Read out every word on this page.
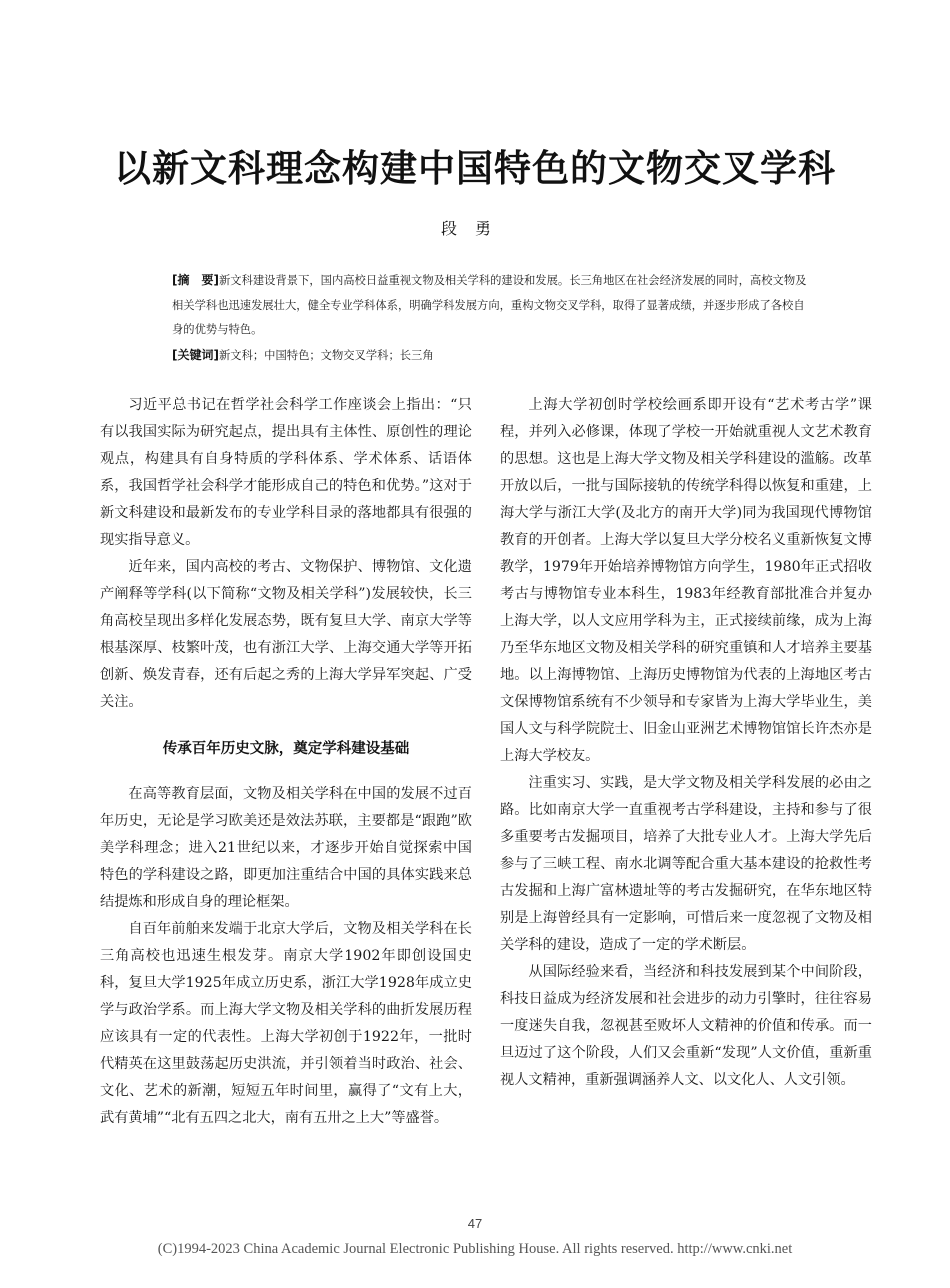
以新文科理念构建中国特色的文物交叉学科
段勇

[摘　要]新文科建设背景下，国内高校日益重视文物及相关学科的建设和发展。长三角地区在社会经济发展的同时，高校文物及相关学科也迅速发展壮大，健全专业学科体系，明确学科发展方向，重构文物交叉学科，取得了显著成绩，并逐步形成了各校自身的优势与特色。

[关键词]新文科；中国特色；文物交叉学科；长三角

习近平总书记在哲学社会科学工作座谈会上指出：“只有以我国实际为研究起点，提出具有主体性、原创性的理论观点，构建具有自身特质的学科体系、学术体系、话语体系，我国哲学社会科学才能形成自己的特色和优势。”这对于新文科建设和最新发布的专业学科目录的落地都具有很强的现实指导意义。

近年来，国内高校的考古、文物保护、博物馆、文化遗产阐释等学科(以下简称“文物及相关学科”)发展较快，长三角高校呈现出多样化发展态势，既有复旦大学、南京大学等根基深厚、枝繁叶茂，也有浙江大学、上海交通大学等开拓创新、焕发青春，还有后起之秀的上海大学异军突起、广受关注。

传承百年历史文脉，奠定学科建设基础

在高等教育层面，文物及相关学科在中国的发展不过百年历史，无论是学习欧美还是效法苏联，主要都是“跟跑”欧美学科理念；进入21世纪以来，才逐步开始自觉探索中国特色的学科建设之路，即更加注重结合中国的具体实践来总结提炼和形成自身的理论框架。

自百年前舶来发端于北京大学后，文物及相关学科在长三角高校也迅速生根发芽。南京大学1902年即创设国史科，复旦大学1925年成立历史系，浙江大学1928年成立史学与政治学系。而上海大学文物及相关学科的曲折发展历程应该具有一定的代表性。上海大学初创于1922年，一批时代精英在这里鼓荡起历史洪流，并引领着当时政治、社会、文化、艺术的新潮，短短五年时间里，赢得了“文有上大，武有黄埔”“北有五四之北大，南有五卅之上大”等盛誉。

上海大学初创时学校绘画系即开设有“艺术考古学”课程，并列入必修课，体现了学校一开始就重视人文艺术教育的思想。这也是上海大学文物及相关学科建设的滥觞。改革开放以后，一批与国际接轨的传统学科得以恢复和重建，上海大学与浙江大学(及北方的南开大学)同为我国现代博物馆教育的开创者。上海大学以复旦大学分校名义重新恢复文博教学，1979年开始培养博物馆方向学生，1980年正式招收考古与博物馆专业本科生，1983年经教育部批准合并复办上海大学，以人文应用学科为主，正式接续前缘，成为上海乃至华东地区文物及相关学科的研究重镇和人才培养主要基地。以上海博物馆、上海历史博物馆为代表的上海地区考古文保博物馆系统有不少领导和专家皆为上海大学毕业生，美国人文与科学院院士、旧金山亚洲艺术博物馆馆长许杰亦是上海大学校友。

注重实习、实践，是大学文物及相关学科发展的必由之路。比如南京大学一直重视考古学科建设，主持和参与了很多重要考古发掘项目，培养了大批专业人才。上海大学先后参与了三峡工程、南水北调等配合重大基本建设的抢救性考古发掘和上海广富林遗址等的考古发掘研究，在华东地区特别是上海曾经具有一定影响，可惜后来一度忽视了文物及相关学科的建设，造成了一定的学术断层。

从国际经验来看，当经济和科技发展到某个中间阶段，科技日益成为经济发展和社会进步的动力引擎时，往往容易一度迷失自我，忽视甚至败坏人文精神的价值和传承。而一旦迈过了这个阶段，人们又会重新“发现”人文价值，重新重视人文精神，重新强调涵养人文、以文化人、人文引领。

47
(C)1994-2023 China Academic Journal Electronic Publishing House. All rights reserved. http://www.cnki.net
